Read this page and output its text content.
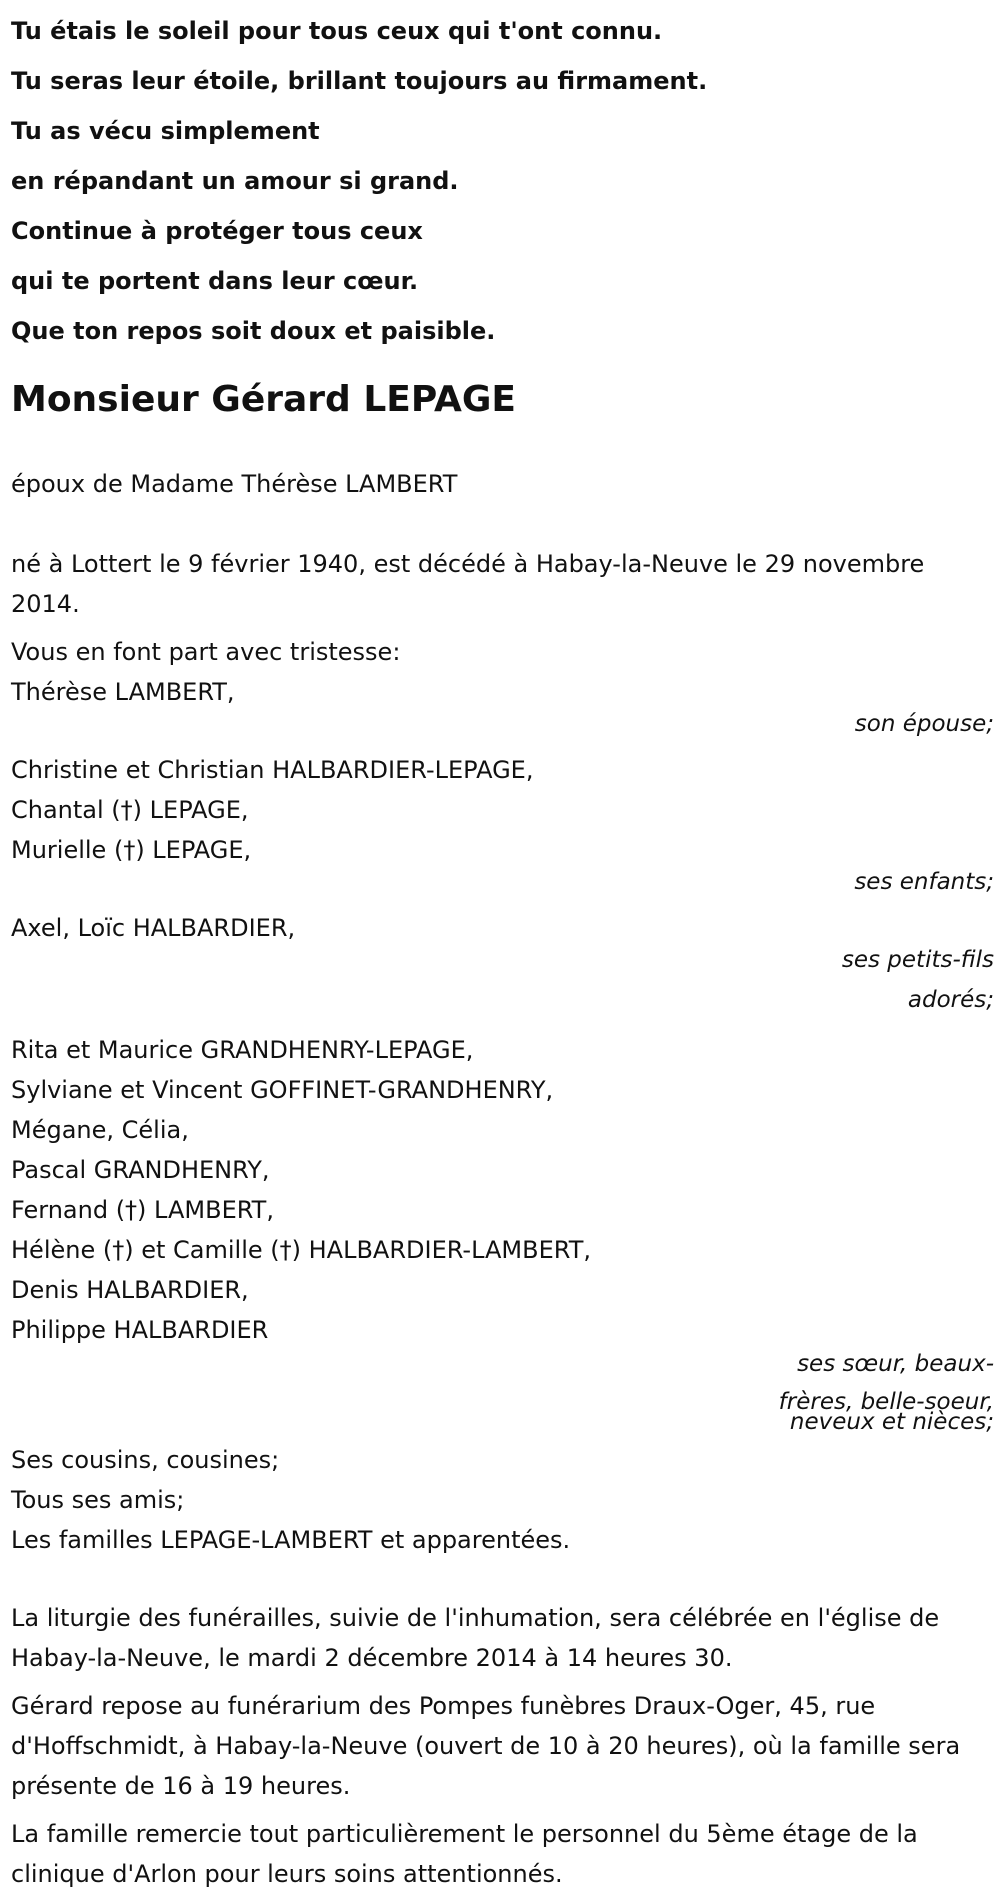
Tu étais le soleil pour tous ceux qui t'ont connu.
Tu seras leur étoile, brillant toujours au firmament.
Tu as vécu simplement
en répandant un amour si grand.
Continue à protéger tous ceux
qui te portent dans leur cœur.
Que ton repos soit doux et paisible.
Monsieur Gérard LEPAGE
époux de Madame Thérèse LAMBERT
né à Lottert le 9 février 1940, est décédé à Habay-la-Neuve le 29 novembre 2014.
Vous en font part avec tristesse:
Thérèse LAMBERT,
son épouse;
Christine et Christian HALBARDIER-LEPAGE,
Chantal (†) LEPAGE,
Murielle (†) LEPAGE,
ses enfants;
Axel, Loïc HALBARDIER,
ses petits-fils
adorés;
Rita et Maurice GRANDHENRY-LEPAGE,
Sylviane et Vincent GOFFINET-GRANDHENRY,
Mégane, Célia,
Pascal GRANDHENRY,
Fernand (†) LAMBERT,
Hélène (†) et Camille (†) HALBARDIER-LAMBERT,
Denis HALBARDIER,
Philippe HALBARDIER
ses sœur, beaux-
frères, belle-soeur,
neveux et nièces;
Ses cousins, cousines;
Tous ses amis;
Les familles LEPAGE-LAMBERT et apparentées.
La liturgie des funérailles, suivie de l'inhumation, sera célébrée en l'église de Habay-la-Neuve, le mardi 2 décembre 2014 à 14 heures 30.
Gérard repose au funérarium des Pompes funèbres Draux-Oger, 45, rue d'Hoffschmidt, à Habay-la-Neuve (ouvert de 10 à 20 heures), où la famille sera présente de 16 à 19 heures.
La famille remercie tout particulièrement le personnel du 5ème étage de la clinique d'Arlon pour leurs soins attentionnés.
